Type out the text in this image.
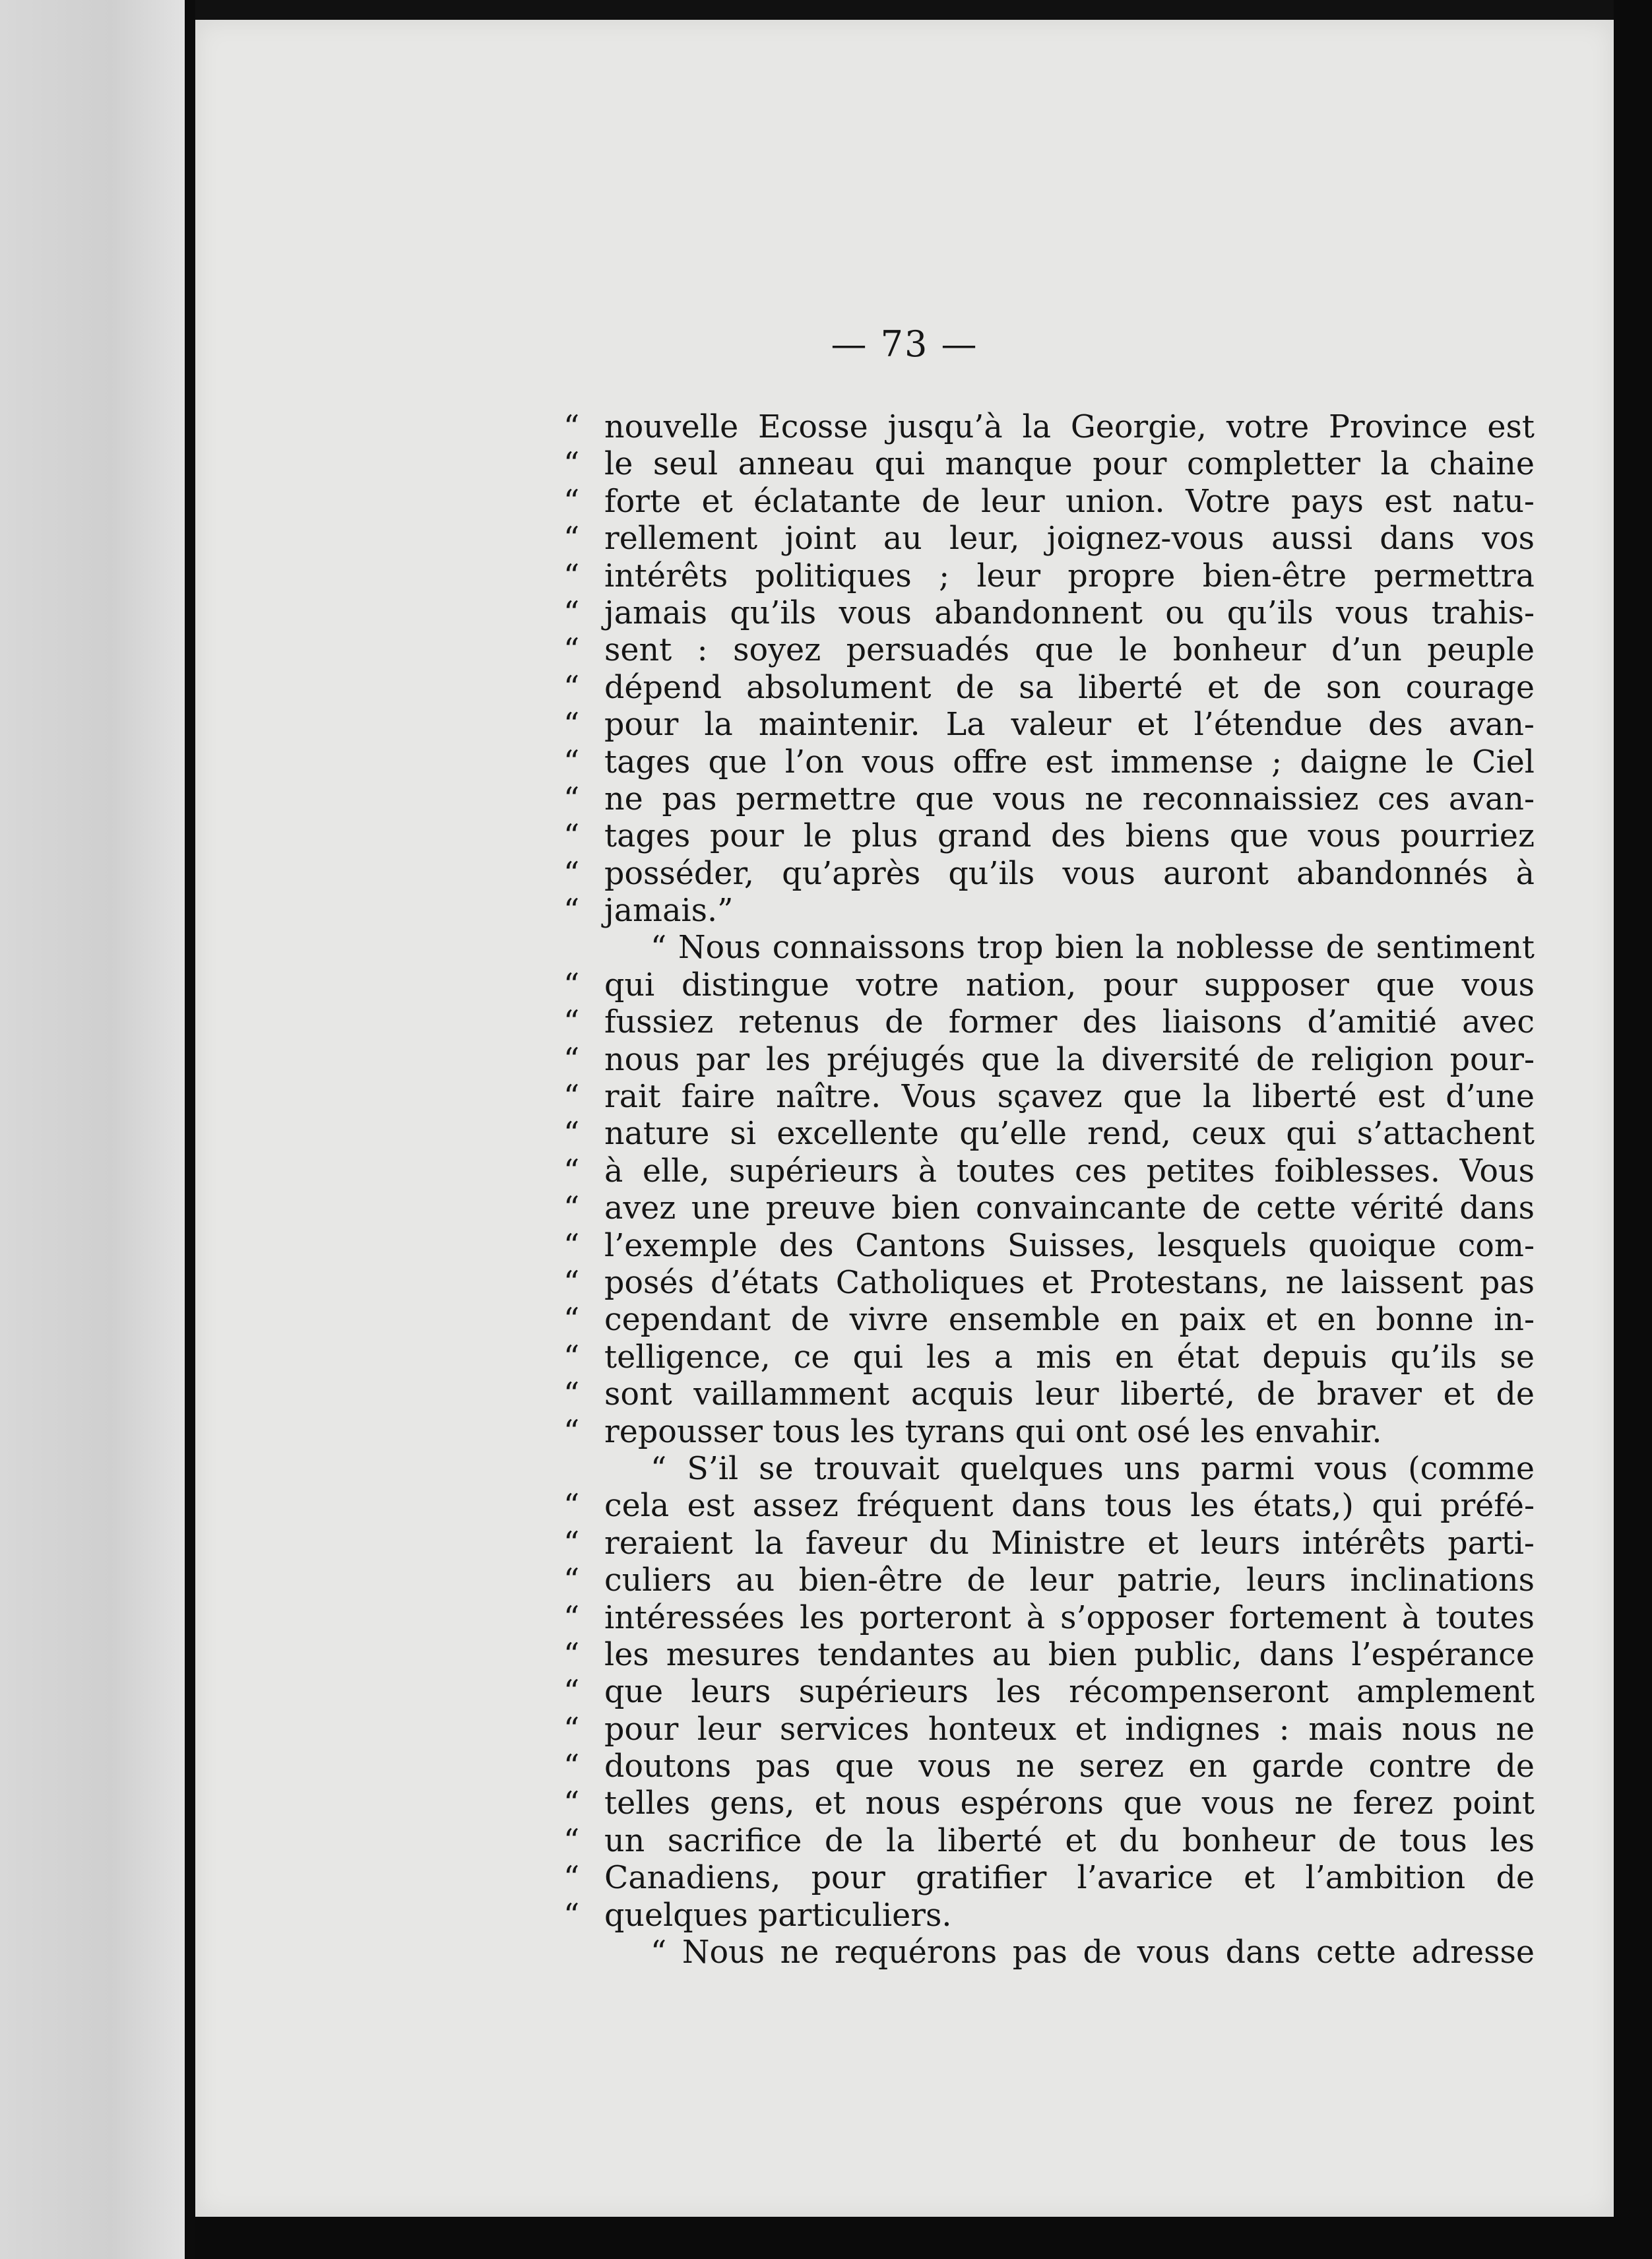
— 73 —
“ nouvelle Ecosse jusqu’à la Georgie, votre Province est
“ le seul anneau qui manque pour completter la chaine
“ forte et éclatante de leur union. Votre pays est natu-
“ rellement joint au leur, joignez-vous aussi dans vos
“ intérêts politiques ; leur propre bien-être permettra
“ jamais qu’ils vous abandonnent ou qu’ils vous trahis-
“ sent : soyez persuadés que le bonheur d’un peuple
“ dépend absolument de sa liberté et de son courage
“ pour la maintenir. La valeur et l’étendue des avan-
“ tages que l’on vous offre est immense ; daigne le Ciel
“ ne pas permettre que vous ne reconnaissiez ces avan-
“ tages pour le plus grand des biens que vous pourriez
“ posséder, qu’après qu’ils vous auront abandonnés à
“ jamais.”
“ Nous connaissons trop bien la noblesse de sentiment
“ qui distingue votre nation, pour supposer que vous
“ fussiez retenus de former des liaisons d’amitié avec
“ nous par les préjugés que la diversité de religion pour-
“ rait faire naître. Vous sçavez que la liberté est d’une
“ nature si excellente qu’elle rend, ceux qui s’attachent
“ à elle, supérieurs à toutes ces petites foiblesses. Vous
“ avez une preuve bien convaincante de cette vérité dans
“ l’exemple des Cantons Suisses, lesquels quoique com-
“ posés d’états Catholiques et Protestans, ne laissent pas
“ cependant de vivre ensemble en paix et en bonne in-
“ telligence, ce qui les a mis en état depuis qu’ils se
“ sont vaillamment acquis leur liberté, de braver et de
“ repousser tous les tyrans qui ont osé les envahir.
“ S’il se trouvait quelques uns parmi vous (comme
“ cela est assez fréquent dans tous les états,) qui préfé-
“ reraient la faveur du Ministre et leurs intérêts parti-
“ culiers au bien-être de leur patrie, leurs inclinations
“ intéressées les porteront à s’opposer fortement à toutes
“ les mesures tendantes au bien public, dans l’espérance
“ que leurs supérieurs les récompenseront amplement
“ pour leur services honteux et indignes : mais nous ne
“ doutons pas que vous ne serez en garde contre de
“ telles gens, et nous espérons que vous ne ferez point
“ un sacrifice de la liberté et du bonheur de tous les
“ Canadiens, pour gratifier l’avarice et l’ambition de
“ quelques particuliers.
“ Nous ne requérons pas de vous dans cette adresse
